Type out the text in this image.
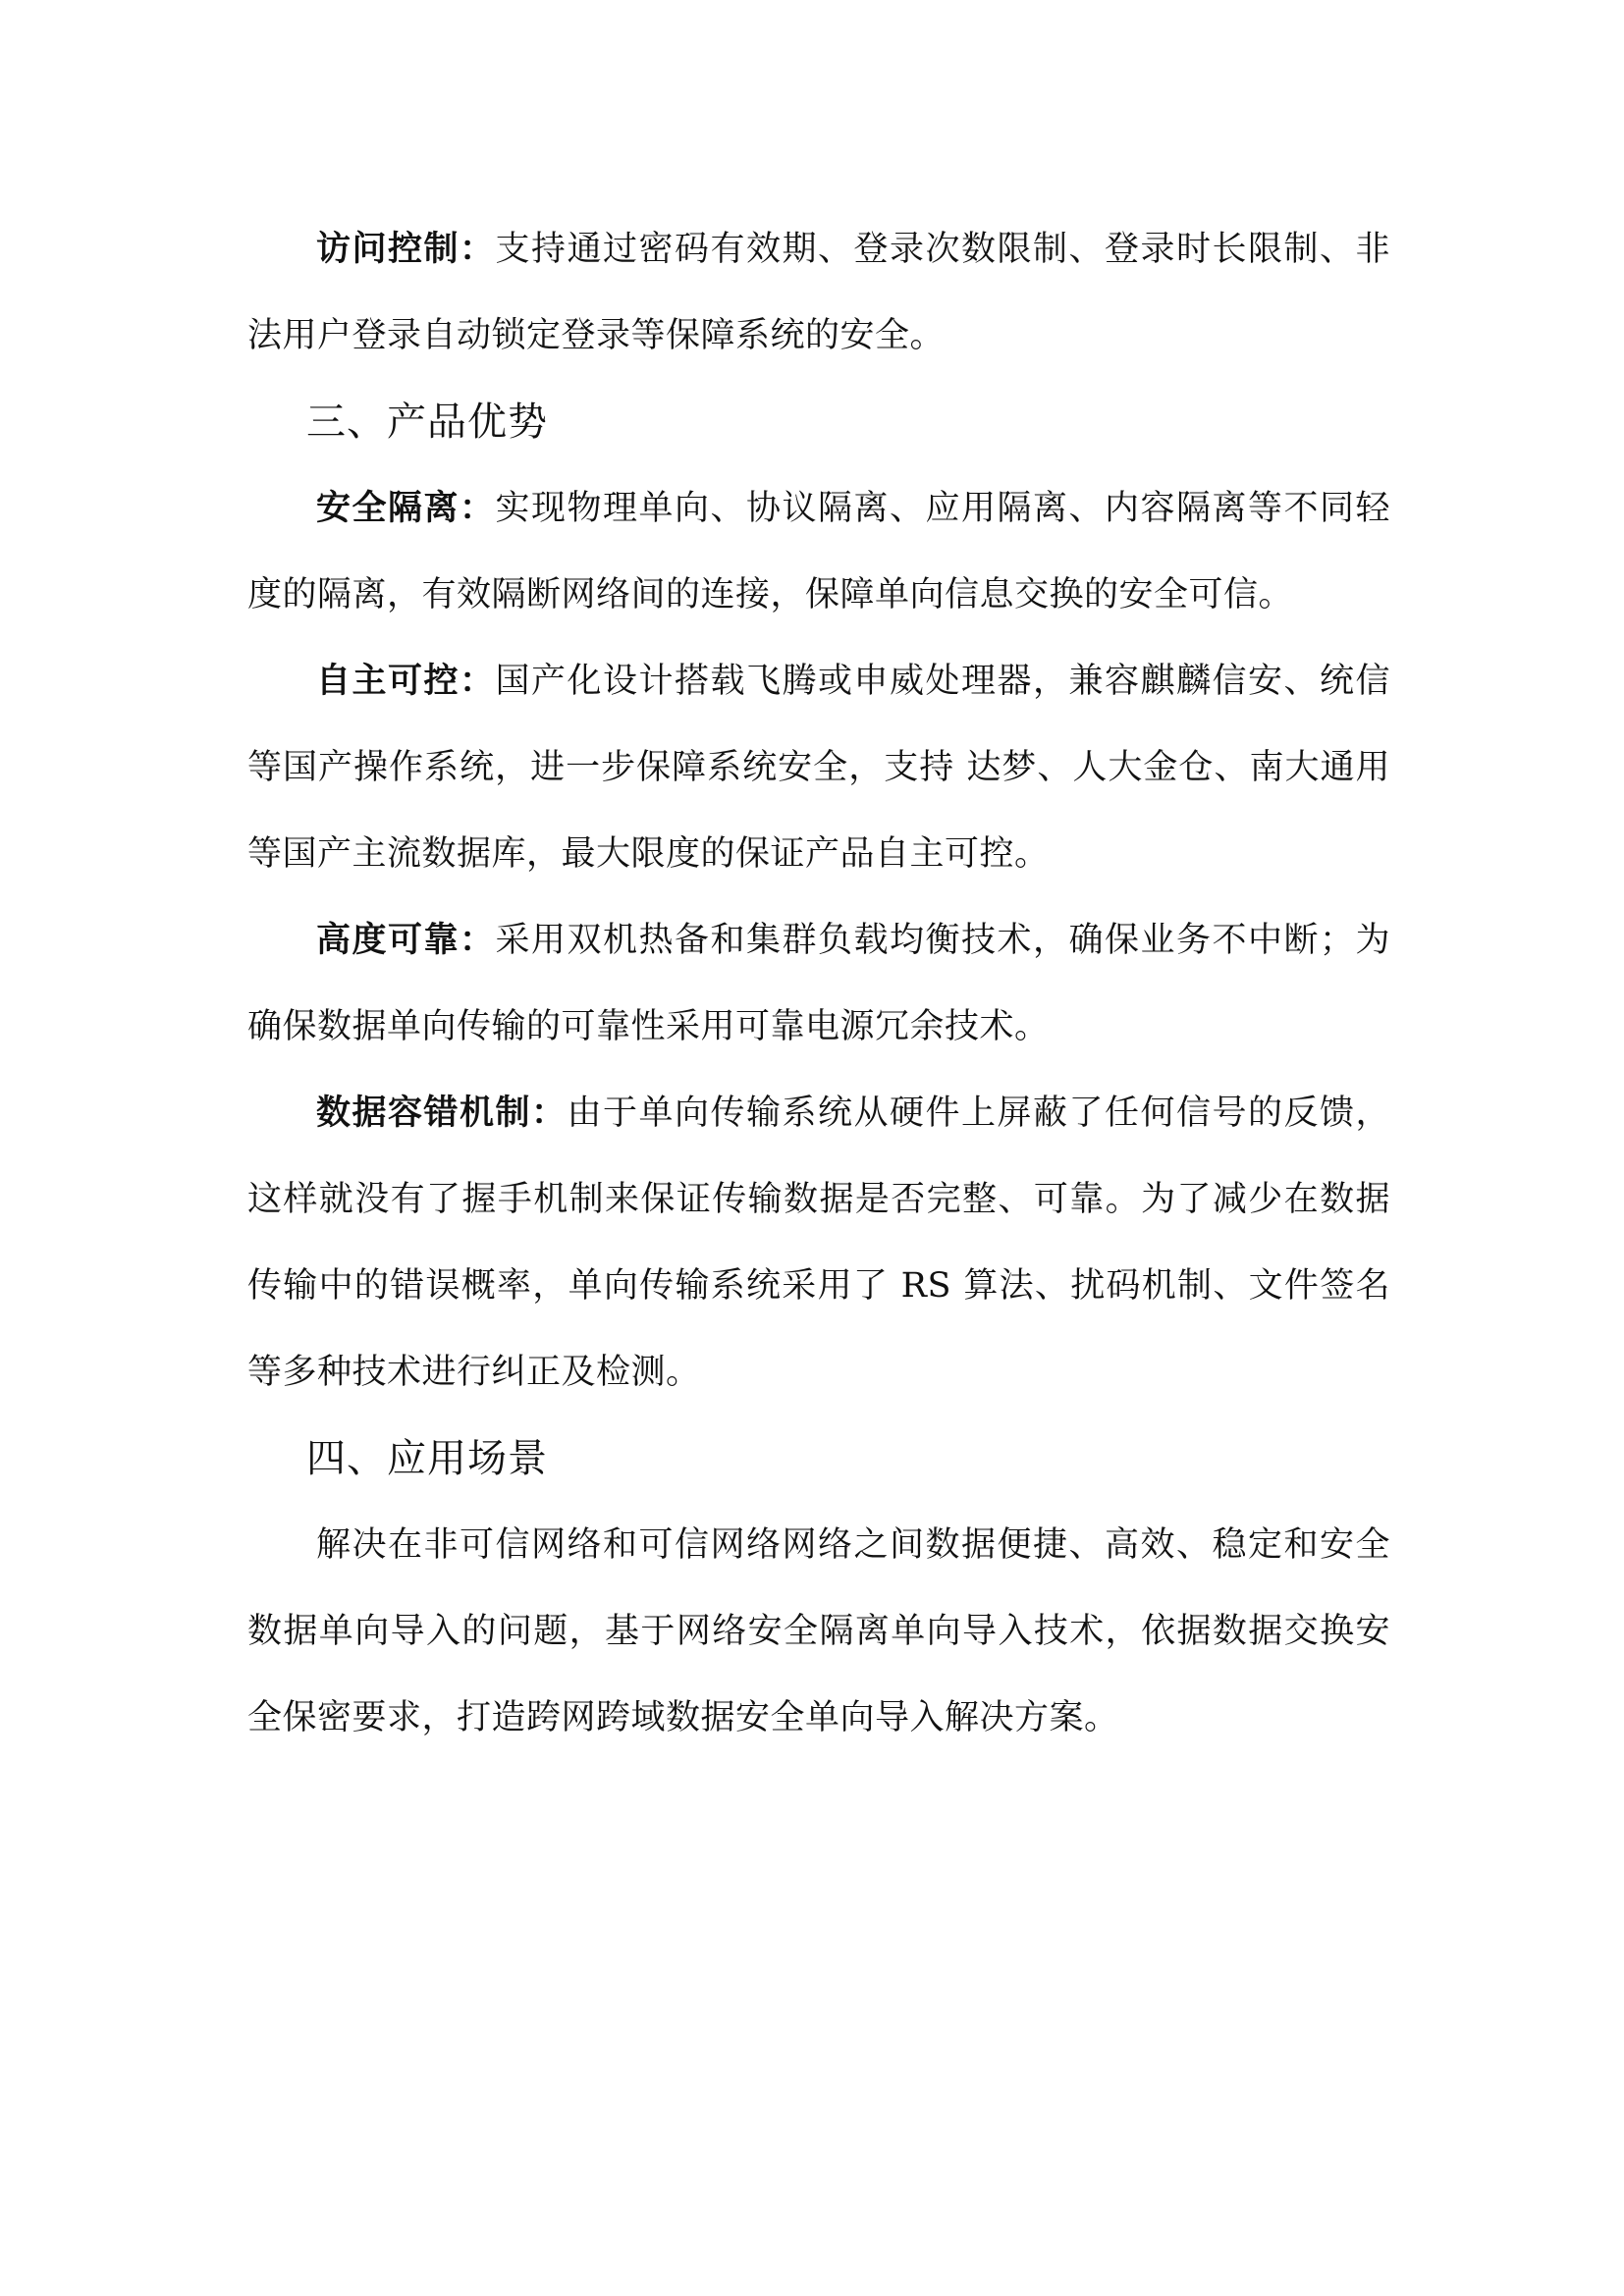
访问控制：支持通过密码有效期、登录次数限制、登录时长限制、非法用户登录自动锁定登录等保障系统的安全。

三、产品优势

安全隔离：实现物理单向、协议隔离、应用隔离、内容隔离等不同轻度的隔离，有效隔断网络间的连接，保障单向信息交换的安全可信。

自主可控：国产化设计搭载飞腾或申威处理器，兼容麒麟信安、统信等国产操作系统，进一步保障系统安全，支持 达梦、人大金仓、南大通用等国产主流数据库，最大限度的保证产品自主可控。

高度可靠：采用双机热备和集群负载均衡技术，确保业务不中断；为确保数据单向传输的可靠性采用可靠电源冗余技术。

数据容错机制：由于单向传输系统从硬件上屏蔽了任何信号的反馈，这样就没有了握手机制来保证传输数据是否完整、可靠。为了减少在数据传输中的错误概率，单向传输系统采用了 RS 算法、扰码机制、文件签名等多种技术进行纠正及检测。

四、应用场景

解决在非可信网络和可信网络网络之间数据便捷、高效、稳定和安全数据单向导入的问题，基于网络安全隔离单向导入技术，依据数据交换安全保密要求，打造跨网跨域数据安全单向导入解决方案。
